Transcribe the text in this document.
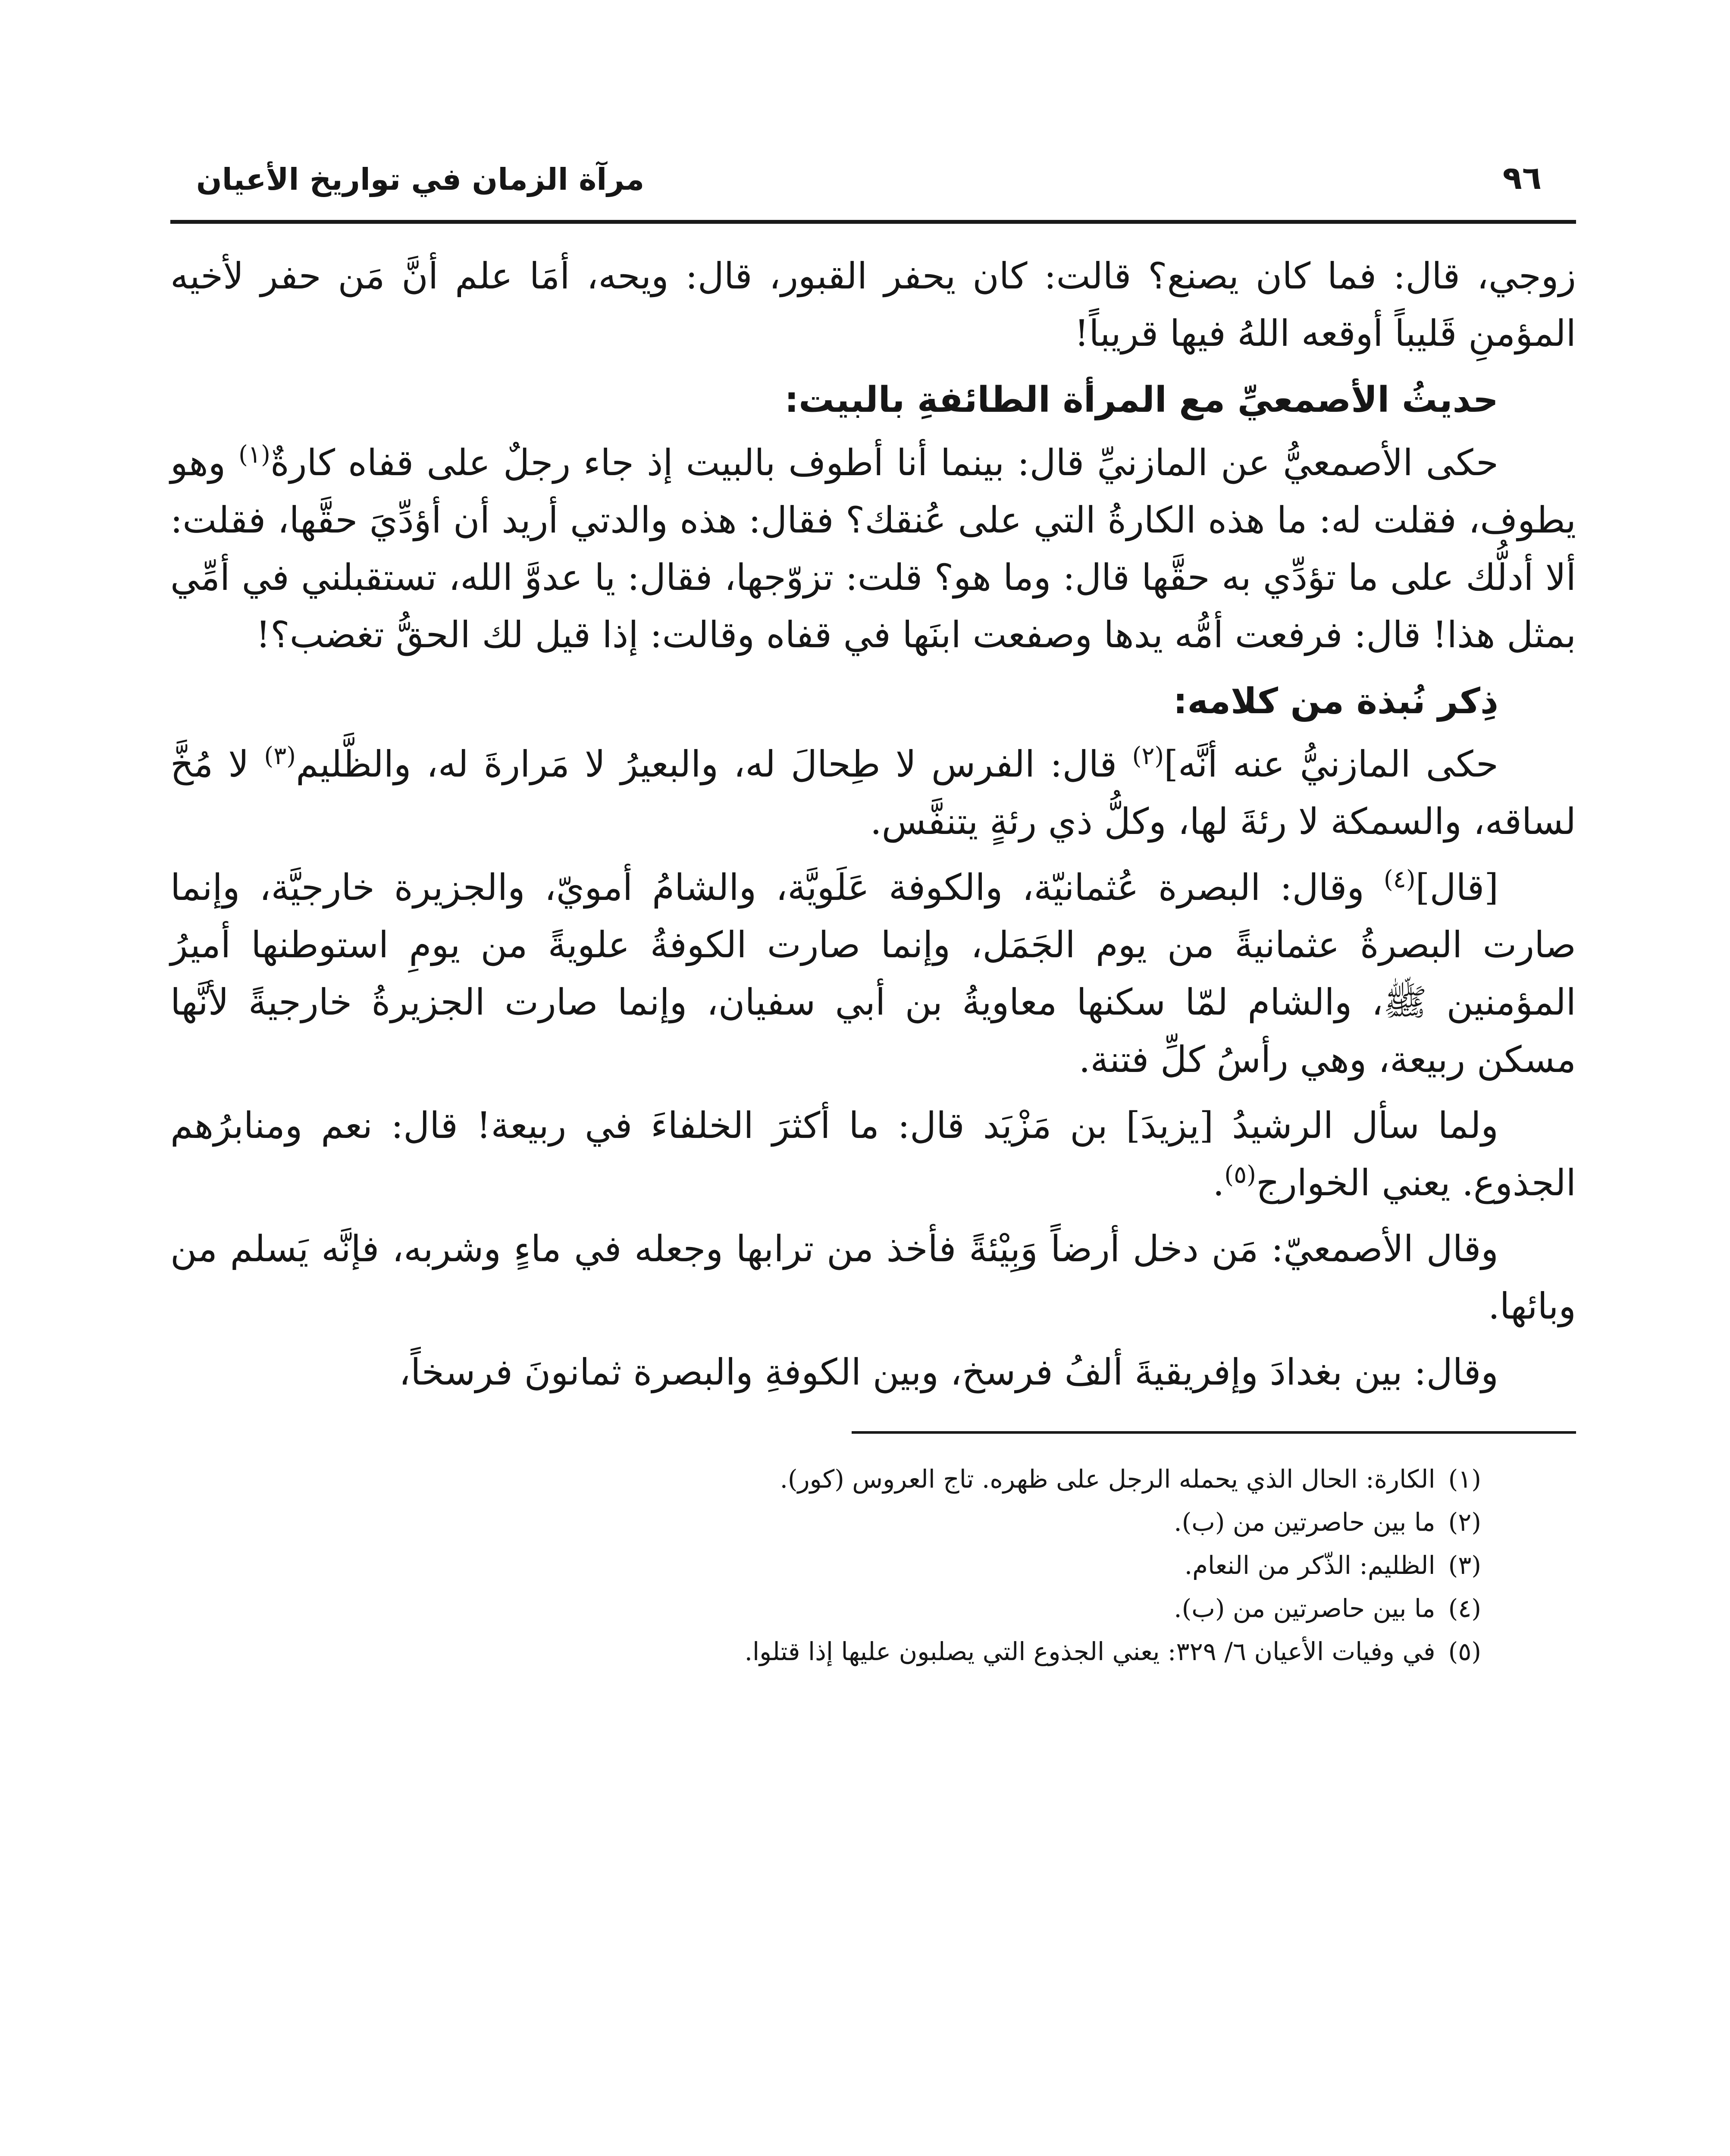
٩٦
مرآة الزمان في تواريخ الأعيان

زوجي، قال: فما كان يصنع؟ قالت: كان يحفر القبور، قال: ويحه، أمَا علم أنَّ مَن حفر لأخيه المؤمنِ قَليباً أوقعه اللهُ فيها قريباً!

حديثُ الأصمعيِّ مع المرأة الطائفةِ بالبيت:

حكى الأصمعيُّ عن المازنيِّ قال: بينما أنا أطوف بالبيت إذ جاء رجلٌ على قفاه كارةٌ$^{(١)}$ وهو يطوف، فقلت له: ما هذه الكارةُ التي على عُنقك؟ فقال: هذه والدتي أريد أن أؤدِّيَ حقَّها، فقلت: ألا أدلُّك على ما تؤدِّي به حقَّها قال: وما هو؟ قلت: تزوّجها، فقال: يا عدوَّ الله، تستقبلني في أمِّي بمثل هذا! قال: فرفعت أمُّه يدها وصفعت ابنَها في قفاه وقالت: إذا قيل لك الحقُّ تغضب؟!

ذِكر نُبذة من كلامه:

حكى المازنيُّ عنه أنَّه]$^{(٢)}$ قال: الفرس لا طِحالَ له، والبعيرُ لا مَرارةَ له، والظَّليم$^{(٣)}$ لا مُخَّ لساقه، والسمكة لا رئةَ لها، وكلُّ ذي رئةٍ يتنفَّس.

[قال]$^{(٤)}$ وقال: البصرة عُثمانيّة، والكوفة عَلَويَّة، والشامُ أمويّ، والجزيرة خارجيَّة، وإنما صارت البصرةُ عثمانيةً من يوم الجَمَل، وإنما صارت الكوفةُ علويةً من يومِ استوطنها أميرُ المؤمنين ﷺ، والشام لمّا سكنها معاويةُ بن أبي سفيان، وإنما صارت الجزيرةُ خارجيةً لأنَّها مسكن ربيعة، وهي رأسُ كلِّ فتنة.

ولما سأل الرشيدُ [يزيدَ] بن مَزْيَد قال: ما أكثرَ الخلفاءَ في ربيعة! قال: نعم ومنابرُهم الجذوع. يعني الخوارج$^{(٥)}$.

وقال الأصمعيّ: مَن دخل أرضاً وَبِيْئةً فأخذ من ترابها وجعله في ماءٍ وشربه، فإنَّه يَسلم من وبائها.

وقال: بين بغدادَ وإفريقيةَ ألفُ فرسخ، وبين الكوفةِ والبصرة ثمانونَ فرسخاً،

(١)
الكارة: الحال الذي يحمله الرجل على ظهره. تاج العروس (كور).
(٢)
ما بين حاصرتين من (ب).
(٣)
الظليم: الذّكر من النعام.
(٤)
ما بين حاصرتين من (ب).
(٥)
في وفيات الأعيان ٦/ ٣٢٩: يعني الجذوع التي يصلبون عليها إذا قتلوا.
